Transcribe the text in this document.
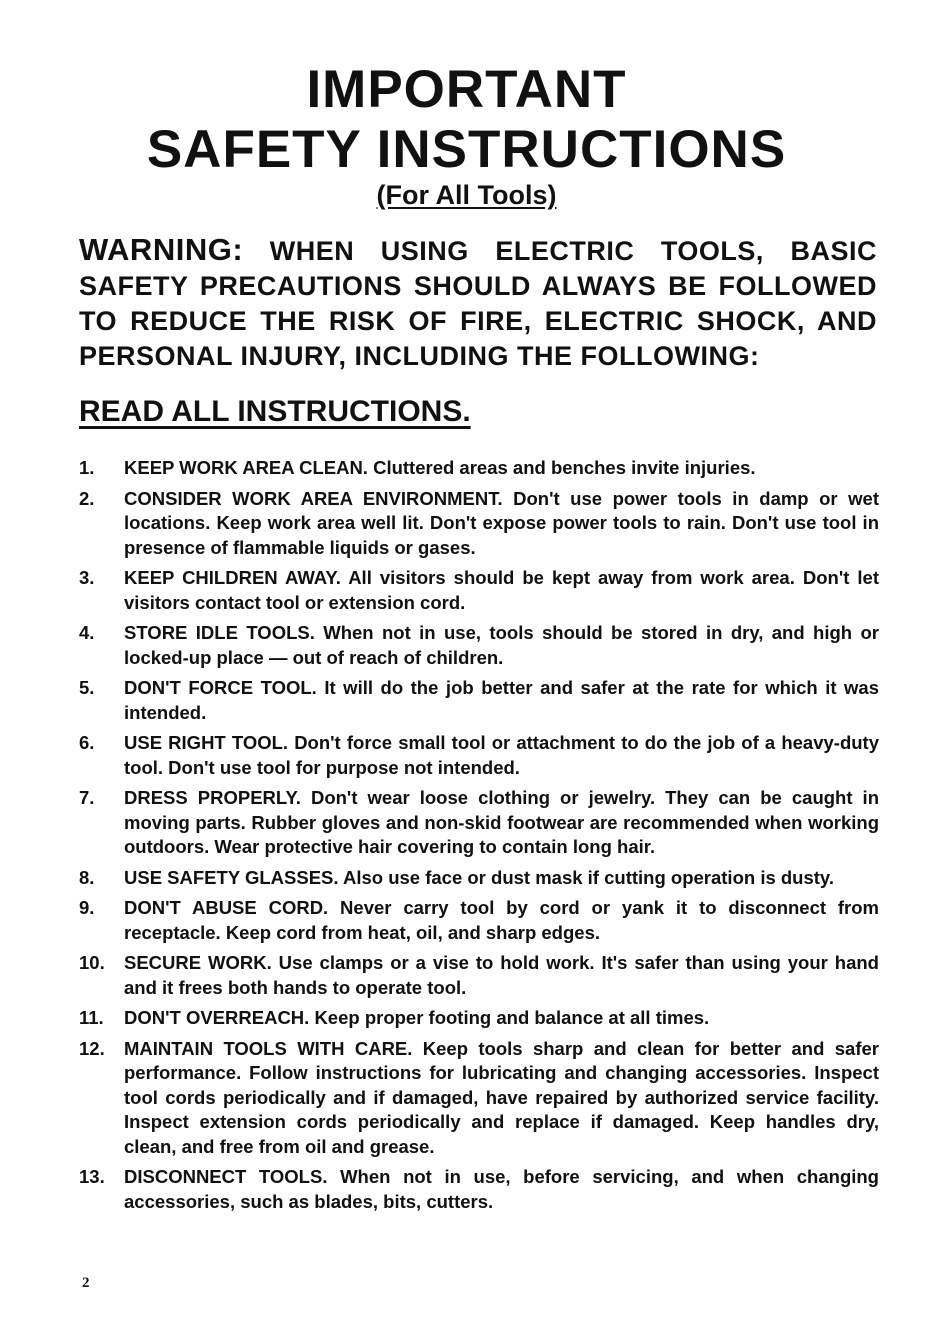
IMPORTANT
SAFETY INSTRUCTIONS
(For All Tools)
WARNING: WHEN USING ELECTRIC TOOLS, BASIC SAFETY PRECAUTIONS SHOULD ALWAYS BE FOLLOWED TO REDUCE THE RISK OF FIRE, ELECTRIC SHOCK, AND PERSONAL INJURY, INCLUDING THE FOLLOWING:
READ ALL INSTRUCTIONS.
1.	KEEP WORK AREA CLEAN. Cluttered areas and benches invite injuries.
2.	CONSIDER WORK AREA ENVIRONMENT. Don't use power tools in damp or wet locations. Keep work area well lit. Don't expose power tools to rain. Don't use tool in presence of flammable liquids or gases.
3.	KEEP CHILDREN AWAY. All visitors should be kept away from work area. Don't let visitors contact tool or extension cord.
4.	STORE IDLE TOOLS. When not in use, tools should be stored in dry, and high or locked-up place — out of reach of children.
5.	DON'T FORCE TOOL. It will do the job better and safer at the rate for which it was intended.
6.	USE RIGHT TOOL. Don't force small tool or attachment to do the job of a heavy-duty tool. Don't use tool for purpose not intended.
7.	DRESS PROPERLY. Don't wear loose clothing or jewelry. They can be caught in moving parts. Rubber gloves and non-skid footwear are recommended when working outdoors. Wear protective hair covering to contain long hair.
8.	USE SAFETY GLASSES. Also use face or dust mask if cutting operation is dusty.
9.	DON'T ABUSE CORD. Never carry tool by cord or yank it to disconnect from receptacle. Keep cord from heat, oil, and sharp edges.
10.	SECURE WORK. Use clamps or a vise to hold work. It's safer than using your hand and it frees both hands to operate tool.
11.	DON'T OVERREACH. Keep proper footing and balance at all times.
12.	MAINTAIN TOOLS WITH CARE. Keep tools sharp and clean for better and safer performance. Follow instructions for lubricating and changing accessories. Inspect tool cords periodically and if damaged, have repaired by authorized service facility. Inspect extension cords periodically and replace if damaged. Keep handles dry, clean, and free from oil and grease.
13.	DISCONNECT TOOLS. When not in use, before servicing, and when changing accessories, such as blades, bits, cutters.
2
